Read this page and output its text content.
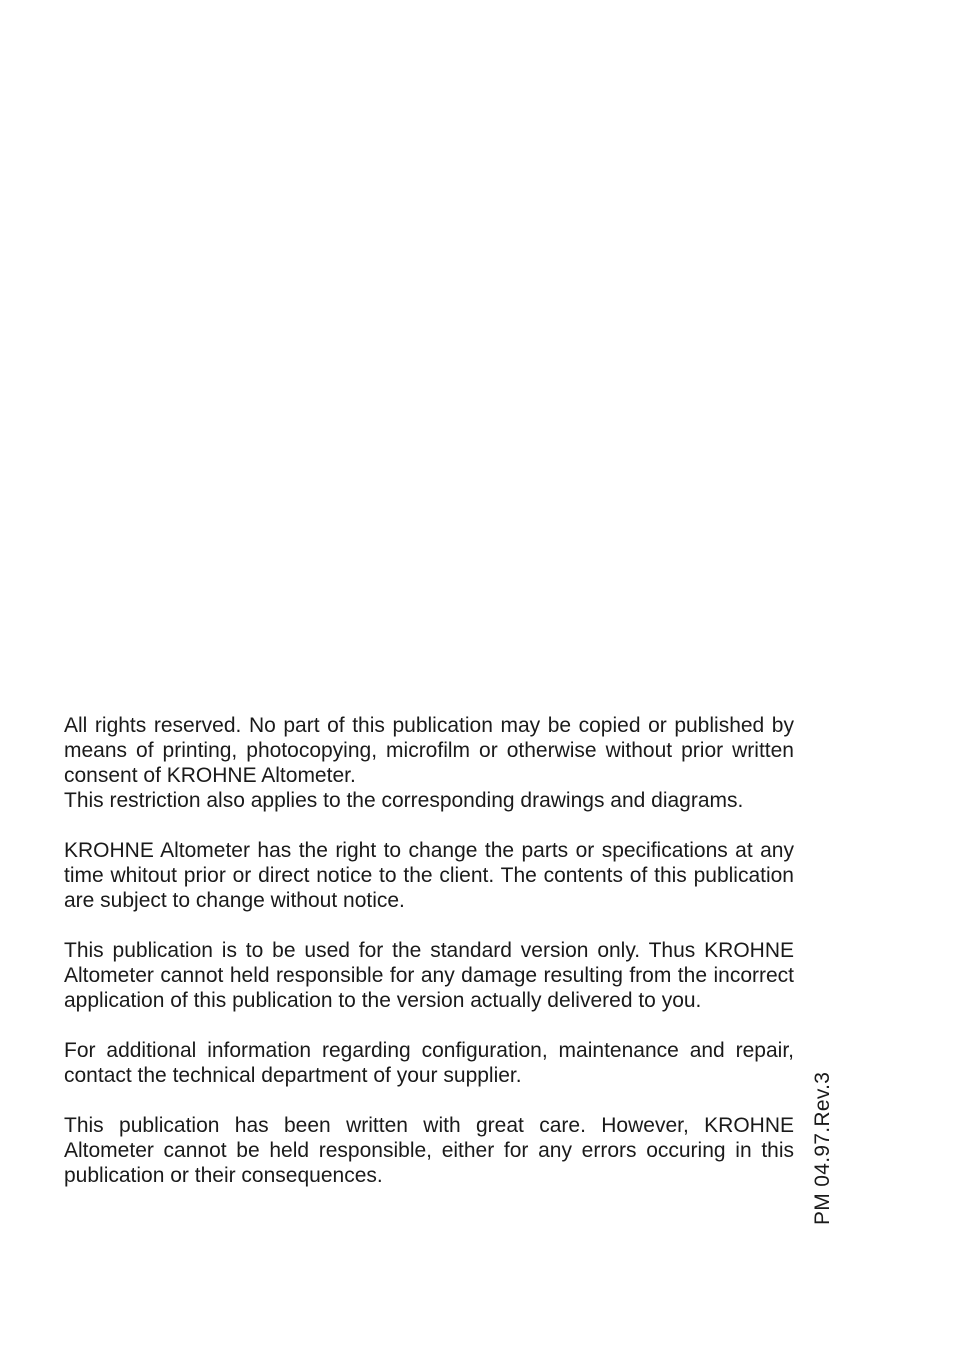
All rights reserved. No part of this publication may be copied or published by means of printing, photocopying, microfilm or otherwise without prior written consent of KROHNE Altometer.
This restriction also applies to the corresponding drawings and diagrams.

KROHNE Altometer has the right to change the parts or specifications at any time whitout prior or direct notice to the client. The contents of this publication are subject to change without notice.

This publication is to be used for the standard version only. Thus KROHNE Altometer cannot held responsible for any damage resulting from the incorrect application of this publication to the version actually delivered to you.

For additional information regarding configuration, maintenance and repair, contact the technical department of your supplier.

This publication has been written with great care. However, KROHNE Altometer cannot be held responsible, either for any errors occuring in this publication or their consequences.	PM 04.97.Rev.3
